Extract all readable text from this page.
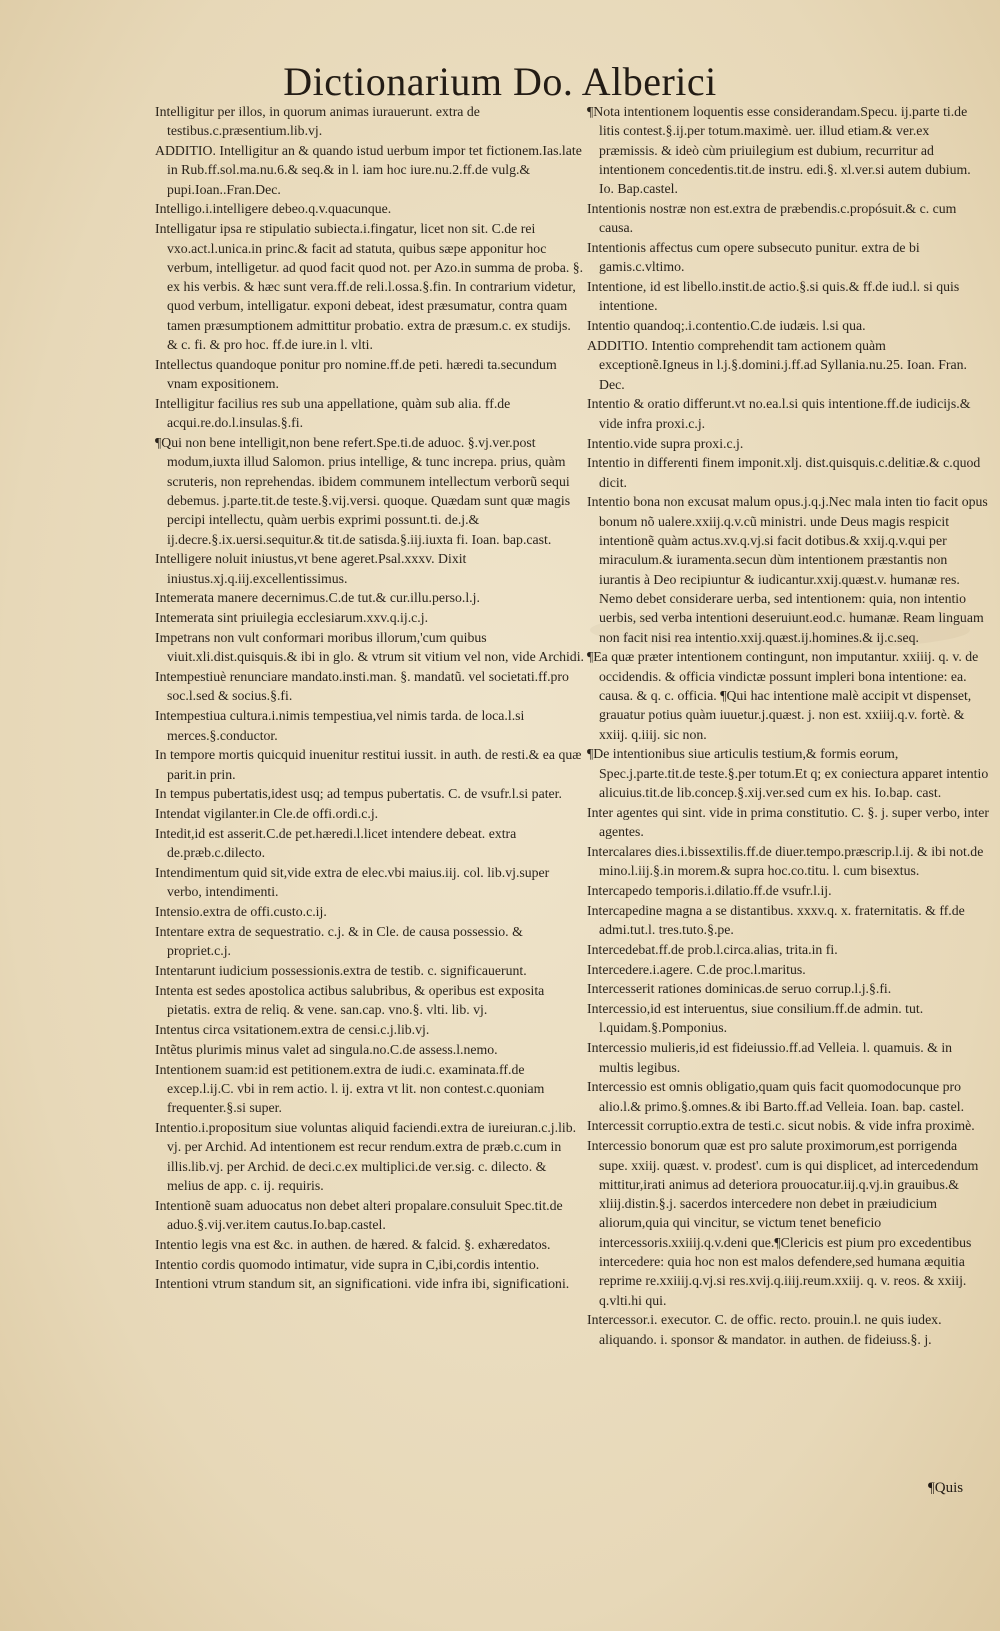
Dictionarium Do. Alberici

Intelligitur per illos, in quorum animas iurauerunt. extra de testibus.c.præsentium.lib.vj.

ADDITIO. Intelligitur an & quando istud uerbum impor tet fictionem.Ias.late in Rub.ff.sol.ma.nu.6.& seq.& in l. iam hoc iure.nu.2.ff.de vulg.& pupi.Ioan..Fran.Dec.

Intelligo.i.intelligere debeo.q.v.quacunque.

Intelligatur ipsa re stipulatio subiecta.i.fingatur, licet non sit. C.de rei vxo.act.l.unica.in princ.& facit ad statuta, quibus sæpe apponitur hoc verbum, intelligetur. ad quod facit quod not. per Azo.in summa de proba. §. ex his verbis. & hæc sunt vera.ff.de reli.l.ossa.§.fin. In contrarium videtur, quod verbum, intelligatur. exponi debeat, idest præsumatur, contra quam tamen præsumptionem admittitur probatio. extra de præsum.c. ex studijs. & c. fi. & pro hoc. ff.de iure.in l. vlti.

Intellectus quandoque ponitur pro nomine.ff.de peti. hæredi ta.secundum vnam expositionem.

Intelligitur facilius res sub una appellatione, quàm sub alia. ff.de acqui.re.do.l.insulas.§.fi.

¶Qui non bene intelligit,non bene refert.Spe.ti.de aduoc. §.vj.ver.post modum,iuxta illud Salomon. prius intellige, & tunc increpa. prius, quàm scruteris, non reprehendas. ibidem communem intellectum verborũ sequi debemus. j.parte.tit.de teste.§.vij.versi. quoque. Quædam sunt quæ magis percipi intellectu, quàm uerbis exprimi possunt.ti. de.j.& ij.decre.§.ix.uersi.sequitur.& tit.de satisda.§.iij.iuxta fi. Ioan. bap.cast.

Intelligere noluit iniustus,vt bene ageret.Psal.xxxv. Dixit iniustus.xj.q.iij.excellentissimus.

Intemerata manere decernimus.C.de tut.& cur.illu.perso.l.j.

Intemerata sint priuilegia ecclesiarum.xxv.q.ij.c.j.

Impetrans non vult conformari moribus illorum,'cum quibus viuit.xli.dist.quisquis.& ibi in glo. & vtrum sit vitium vel non, vide Archidi.

Intempestiuè renunciare mandato.insti.man. §. mandatũ. vel societati.ff.pro soc.l.sed & socius.§.fi.

Intempestiua cultura.i.nimis tempestiua,vel nimis tarda. de loca.l.si merces.§.conductor.

In tempore mortis quicquid inuenitur restitui iussit. in auth. de resti.& ea quæ parit.in prin.

In tempus pubertatis,idest usq; ad tempus pubertatis. C. de vsufr.l.si pater.

Intendat vigilanter.in Cle.de offi.ordi.c.j.

Intedit,id est asserit.C.de pet.hæredi.l.licet intendere debeat. extra de.præb.c.dilecto.

Intendimentum quid sit,vide extra de elec.vbi maius.iij. col. lib.vj.super verbo, intendimenti.

Intensio.extra de offi.custo.c.ij.

Intentare extra de sequestratio. c.j. & in Cle. de causa possessio. & propriet.c.j.

Intentarunt iudicium possessionis.extra de testib. c. significauerunt.

Intenta est sedes apostolica actibus salubribus, & operibus est exposita pietatis. extra de reliq. & vene. san.cap. vno.§. vlti. lib. vj.

Intentus circa vsitationem.extra de censi.c.j.lib.vj.

Intẽtus plurimis minus valet ad singula.no.C.de assess.l.nemo.

Intentionem suam:id est petitionem.extra de iudi.c. examinata.ff.de excep.l.ij.C. vbi in rem actio. l. ij. extra vt lit. non contest.c.quoniam frequenter.§.si super.

Intentio.i.propositum siue voluntas aliquid faciendi.extra de iureiuran.c.j.lib. vj. per Archid. Ad intentionem est recur rendum.extra de præb.c.cum in illis.lib.vj. per Archid. de deci.c.ex multiplici.de ver.sig. c. dilecto. & melius de app. c. ij. requiris.

Intentionẽ suam aduocatus non debet alteri propalare.consuluit Spec.tit.de aduo.§.vij.ver.item cautus.Io.bap.castel.

Intentio legis vna est &c. in authen. de hæred. & falcid. §. exhæredatos.

Intentio cordis quomodo intimatur, vide supra in C,ibi,cordis intentio.

Intentioni vtrum standum sit, an significationi. vide infra ibi, significationi.

¶Nota intentionem loquentis esse considerandam.Specu. ij.parte ti.de litis contest.§.ij.per totum.maximè. uer. illud etiam.& ver.ex præmissis. & ideò cùm priuilegium est dubium, recurritur ad intentionem concedentis.tit.de instru. edi.§. xl.ver.si autem dubium. Io. Bap.castel.

Intentionis nostræ non est.extra de præbendis.c.propósuit.& c. cum causa.

Intentionis affectus cum opere subsecuto punitur. extra de bi gamis.c.vltimo.

Intentione, id est libello.instit.de actio.§.si quis.& ff.de iud.l. si quis intentione.

Intentio quandoq;.i.contentio.C.de iudæis. l.si qua.

ADDITIO. Intentio comprehendit tam actionem quàm exceptionẽ.Igneus in l.j.§.domini.j.ff.ad Syllania.nu.25. Ioan. Fran. Dec.

Intentio & oratio differunt.vt no.ea.l.si quis intentione.ff.de iudicijs.& vide infra proxi.c.j.

Intentio.vide supra proxi.c.j.

Intentio in differenti finem imponit.xlj. dist.quisquis.c.delitiæ.& c.quod dicit.

Intentio bona non excusat malum opus.j.q.j.Nec mala inten tio facit opus bonum nõ ualere.xxiij.q.v.cũ ministri. unde Deus magis respicit intentionẽ quàm actus.xv.q.vj.si facit dotibus.& xxij.q.v.qui per miraculum.& iuramenta.secun dùm intentionem præstantis non iurantis à Deo recipiuntur & iudicantur.xxij.quæst.v. humanæ res. Nemo debet considerare uerba, sed intentionem: quia, non intentio uerbis, sed verba intentioni deseruiunt.eod.c. humanæ. Ream linguam non facit nisi rea intentio.xxij.quæst.ij.homines.& ij.c.seq.

¶Ea quæ præter intentionem contingunt, non imputantur. xxiiij. q. v. de occidendis. & officia vindictæ possunt impleri bona intentione: ea. causa. & q. c. officia. ¶Qui hac intentione malè accipit vt dispenset, grauatur potius quàm iuuetur.j.quæst. j. non est. xxiiij.q.v. fortè. & xxiij. q.iiij. sic non.

¶De intentionibus siue articulis testium,& formis eorum, Spec.j.parte.tit.de teste.§.per totum.Et q; ex coniectura apparet intentio alicuius.tit.de lib.concep.§.xij.ver.sed cum ex his. Io.bap. cast.

Inter agentes qui sint. vide in prima constitutio. C. §. j. super verbo, inter agentes.

Intercalares dies.i.bissextilis.ff.de diuer.tempo.præscrip.l.ij. & ibi not.de mino.l.iij.§.in morem.& supra hoc.co.titu. l. cum bisextus.

Intercapedo temporis.i.dilatio.ff.de vsufr.l.ij.

Intercapedine magna a se distantibus. xxxv.q. x. fraternitatis. & ff.de admi.tut.l. tres.tuto.§.pe.

Intercedebat.ff.de prob.l.circa.alias, trita.in fi.

Intercedere.i.agere. C.de proc.l.maritus.

Intercesserit rationes dominicas.de seruo corrup.l.j.§.fi.

Intercessio,id est interuentus, siue consilium.ff.de admin. tut. l.quidam.§.Pomponius.

Intercessio mulieris,id est fideiussio.ff.ad Velleia. l. quamuis. & in multis legibus.

Intercessio est omnis obligatio,quam quis facit quomodocunque pro alio.l.& primo.§.omnes.& ibi Barto.ff.ad Velleia. Ioan. bap. castel.

Intercessit corruptio.extra de testi.c. sicut nobis. & vide infra proximè.

Intercessio bonorum quæ est pro salute proximorum,est porrigenda supe. xxiij. quæst. v. prodest'. cum is qui displicet, ad intercedendum mittitur,irati animus ad deteriora prouocatur.iij.q.vj.in grauibus.& xliij.distin.§.j. sacerdos intercedere non debet in præiudicium aliorum,quia qui vincitur, se victum tenet beneficio intercessoris.xxiiij.q.v.deni que.¶Clericis est pium pro excedentibus intercedere: quia hoc non est malos defendere,sed humana æquitia reprime re.xxiiij.q.vj.si res.xvij.q.iiij.reum.xxiij. q. v. reos. & xxiij. q.vlti.hi qui.

Intercessor.i. executor. C. de offic. recto. prouin.l. ne quis iudex. aliquando. i. sponsor & mandator. in authen. de fideiuss.§. j.

¶Quis
